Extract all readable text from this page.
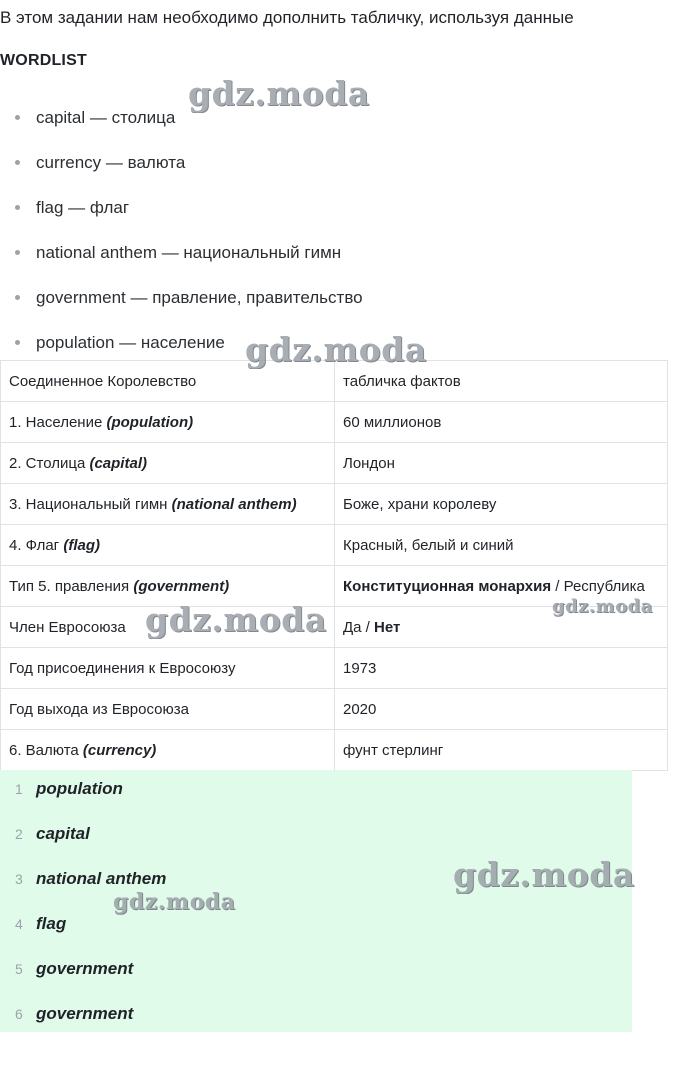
В этом задании нам необходимо дополнить табличку, используя данные
WORDLIST
capital — столица
currency — валюта
flag — флаг
national anthem — национальный гимн
government — правление, правительство
population — население
Соединенное Королевство	табличка фактов
1. Население (population)	60 миллионов
2. Столица (capital)	Лондон
3. Национальный гимн (national anthem)	Боже, храни королеву
4. Флаг (flag)	Красный, белый и синий
Тип 5. правления (government)	Конституционная монархия / Республика
Член Евросоюза	Да / Нет
Год присоединения к Евросоюзу	1973
Год выхода из Евросоюза	2020
6. Валюта (currency)	фунт стерлинг
1 population
2 capital
3 national anthem
4 flag
5 government
6 government
gdz.moda
gdz.moda
gdz.moda	gdz.moda
gdz.moda
gdz.moda
